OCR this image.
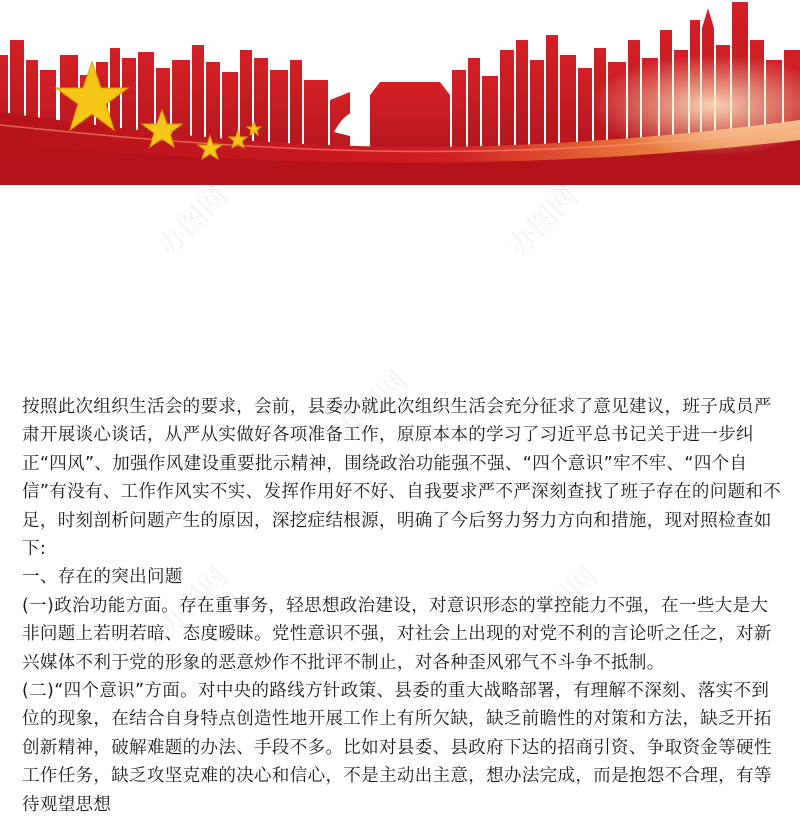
办图网	办图网
办图网
办图网	办图网

按照此次组织生活会的要求，会前，县委办就此次组织生活会充分征求了意见建议，班子成员严肃开展谈心谈话，从严从实做好各项准备工作，原原本本的学习了习近平总书记关于进一步纠正“四风”、加强作风建设重要批示精神，围绕政治功能强不强、“四个意识”牢不牢、“四个自信”有没有、工作作风实不实、发挥作用好不好、自我要求严不严深刻查找了班子存在的问题和不足，时刻剖析问题产生的原因，深挖症结根源，明确了今后努力努力方向和措施，现对照检查如下:

一、存在的突出问题

(一)政治功能方面。存在重事务，轻思想政治建设，对意识形态的掌控能力不强，在一些大是大非问题上若明若暗、态度暧昧。党性意识不强，对社会上出现的对党不利的言论听之任之，对新兴媒体不利于党的形象的恶意炒作不批评不制止，对各种歪风邪气不斗争不抵制。

(二)“四个意识”方面。对中央的路线方针政策、县委的重大战略部署，有理解不深刻、落实不到位的现象，在结合自身特点创造性地开展工作上有所欠缺，缺乏前瞻性的对策和方法，缺乏开拓创新精神，破解难题的办法、手段不多。比如对县委、县政府下达的招商引资、争取资金等硬性工作任务，缺乏攻坚克难的决心和信心，不是主动出主意，想办法完成，而是抱怨不合理，有等待观望思想
